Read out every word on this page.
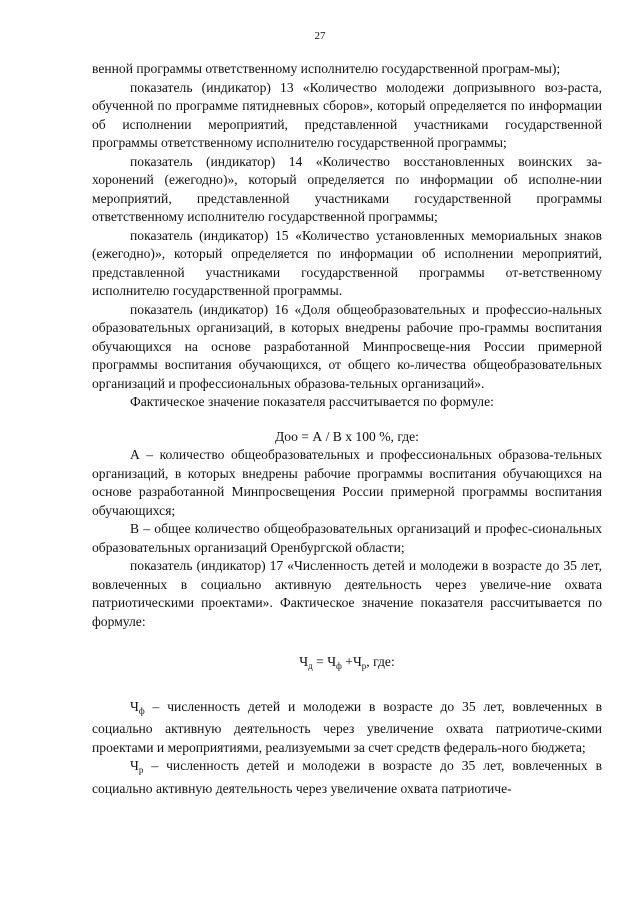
27

венной программы ответственному исполнителю государственной програм-мы);

показатель (индикатор) 13 «Количество молодежи допризывного воз-раста, обученной по программе пятидневных сборов», который определяется по информации об исполнении мероприятий, представленной участниками государственной программы ответственному исполнителю государственной программы;

показатель (индикатор) 14 «Количество восстановленных воинских за-хоронений (ежегодно)», который определяется по информации об исполне-нии мероприятий, представленной участниками государственной программы ответственному исполнителю государственной программы;

показатель (индикатор) 15 «Количество установленных мемориальных знаков (ежегодно)», который определяется по информации об исполнении мероприятий, представленной участниками государственной программы от-ветственному исполнителю государственной программы.

показатель (индикатор) 16 «Доля общеобразовательных и профессио-нальных образовательных организаций, в которых внедрены рабочие про-граммы воспитания обучающихся на основе разработанной Минпросвеще-ния России примерной программы воспитания обучающихся, от общего ко-личества общеобразовательных организаций и профессиональных образова-тельных организаций».

Фактическое значение показателя рассчитывается по формуле:

Доо = А / В х 100 %, где:

А – количество общеобразовательных и профессиональных образова-тельных организаций, в которых внедрены рабочие программы воспитания обучающихся на основе разработанной Минпросвещения России примерной программы воспитания обучающихся;

В – общее количество общеобразовательных организаций и профес-сиональных образовательных организаций Оренбургской области;

показатель (индикатор) 17 «Численность детей и молодежи в возрасте до 35 лет, вовлеченных в социально активную деятельность через увеличе-ние охвата патриотическими проектами». Фактическое значение показателя рассчитывается по формуле:

$Ч_д = Ч_ф +Ч_р$, где:

$Ч_ф$ – численность детей и молодежи в возрасте до 35 лет, вовлеченных в социально активную деятельность через увеличение охвата патриотиче-скими проектами и мероприятиями, реализуемыми за счет средств федераль-ного бюджета;

$Ч_р$ – численность детей и молодежи в возрасте до 35 лет, вовлеченных в социально активную деятельность через увеличение охвата патриотиче-
